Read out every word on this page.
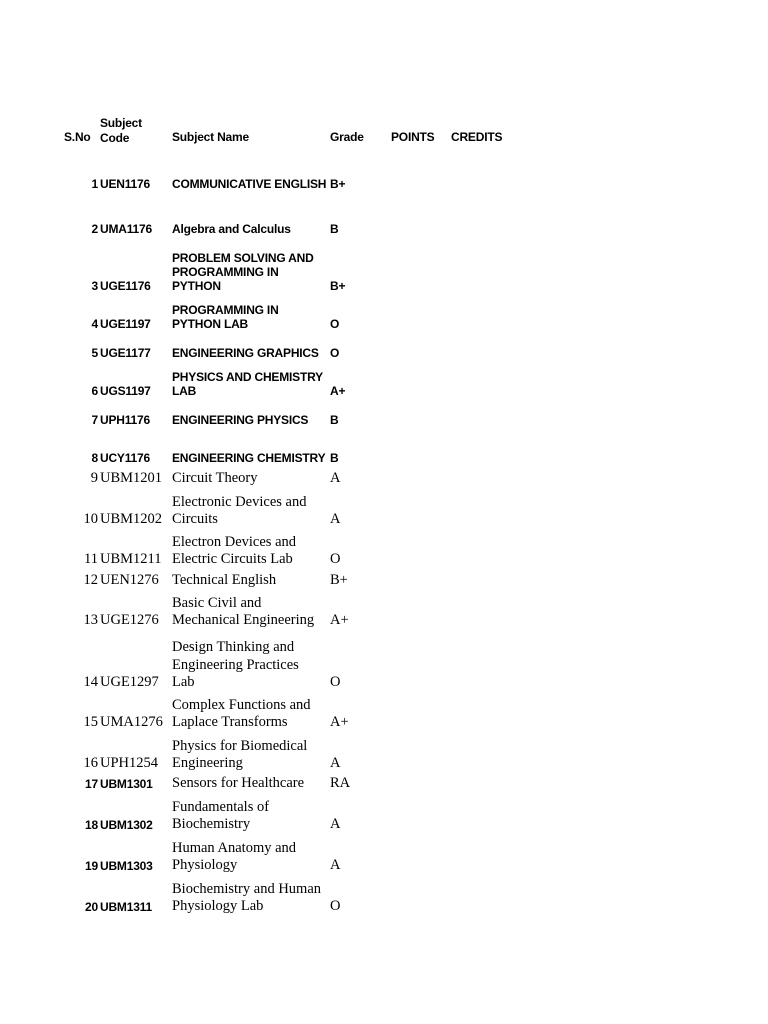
S.No
Subject
Code	Subject Name	Grade POINTS CREDITS
1 UEN1176 COMMUNICATIVE ENGLISH B+
2 UMA1176 Algebra and Calculus	B
3 UGE1176
PROBLEM SOLVING AND
PROGRAMMING IN
PYTHON	B+
4 UGE1197
PROGRAMMING IN
PYTHON LAB	O
5 UGE1177 ENGINEERING GRAPHICS O
6 UGS1197
PHYSICS AND CHEMISTRY
LAB	A+
7 UPH1176 ENGINEERING PHYSICS B
8 UCY1176 ENGINEERING CHEMISTRY B
9 UBM1201 Circuit Theory	A
10 UBM1202
Electronic Devices and
Circuits	A
11 UBM1211
Electron Devices and
Electric Circuits Lab	O
12 UEN1276 Technical English	B+
13 UGE1276
Basic Civil and
Mechanical Engineering A+
14 UGE1297
Design Thinking and
Engineering Practices
Lab	O
15 UMA1276
Complex Functions and
Laplace Transforms	A+
16 UPH1254
Physics for Biomedical
Engineering	A
17 UBM1301 Sensors for Healthcare RA
18 UBM1302
Fundamentals of
Biochemistry	A
19 UBM1303
Human Anatomy and
Physiology	A
20 UBM1311
Biochemistry and Human
Physiology Lab	O
